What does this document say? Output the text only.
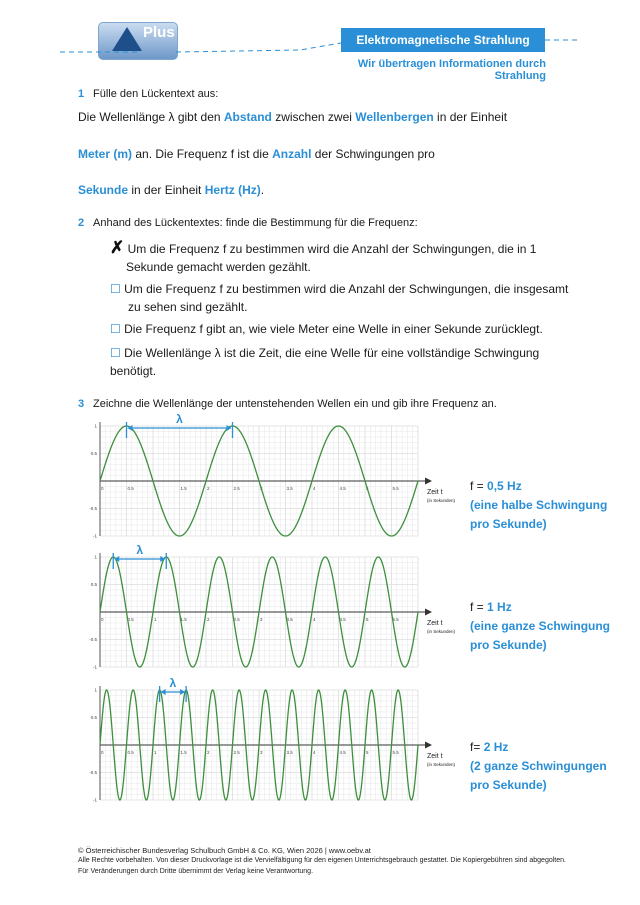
Plus	Elektromagnetische Strahlung
Wir übertragen Informationen durch Strahlung
1 Fülle den Lückentext aus:
Die Wellenlänge λ gibt den Abstand zwischen zwei Wellenbergen in der Einheit
Meter (m) an. Die Frequenz f ist die Anzahl der Schwingungen pro
Sekunde in der Einheit Hertz (Hz).
2 Anhand des Lückentextes: finde die Bestimmung für die Frequenz:
✗ Um die Frequenz f zu bestimmen wird die Anzahl der Schwingungen, die in 1
Sekunde gemacht werden gezählt.
☐ Um die Frequenz f zu bestimmen wird die Anzahl der Schwingungen, die insgesamt
zu sehen sind gezählt.
☐ Die Frequenz f gibt an, wie viele Meter eine Welle in einer Sekunde zurücklegt.
☐ Die Wellenlänge λ ist die Zeit, die eine Welle für eine vollständige Schwingung
benötigt.
3 Zeichne die Wellenlänge der untenstehenden Wellen ein und gib ihre Frequenz an.
0	0.5	1	1.5	2	2.5	3	3.5	4	4.5	5	5.5
1
0.5
-0.5
-1
Zeit t
(in Sekunden)
λ
0	0.5	1	1.5	2	2.5	3	3.5	4	4.5	5	5.5
1
0.5
-0.5
-1
Zeit t
(in Sekunden)
λ
0	0.5	1	1.5	2	2.5	3	3.5	4	4.5	5	5.5
1
0.5
-0.5
-1
Zeit t
(in Sekunden)
λ
f = 0,5 Hz
(eine halbe Schwingung
pro Sekunde)
f = 1 Hz
(eine ganze Schwingung
pro Sekunde)
f= 2 Hz
(2 ganze Schwingungen
pro Sekunde)
© Österreichischer Bundesverlag Schulbuch GmbH & Co. KG, Wien 2026 | www.oebv.at
Alle Rechte vorbehalten. Von dieser Druckvorlage ist die Vervielfältigung für den eigenen Unterrichtsgebrauch gestattet. Die Kopiergebühren sind abgegolten.
Für Veränderungen durch Dritte übernimmt der Verlag keine Verantwortung.
